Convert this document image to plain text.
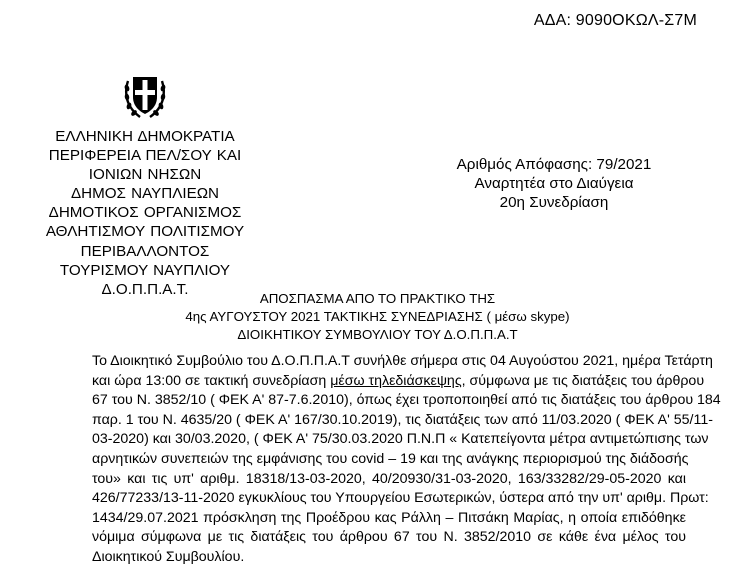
ΑΔΑ: 9090ΟΚΩΛ-Σ7Μ
ΕΛΛΗΝΙΚΗ ΔΗΜΟΚΡΑΤΙΑ
ΠΕΡΙΦΕΡΕΙΑ ΠΕΛ/ΣΟΥ ΚΑΙ
ΙΟΝΙΩΝ ΝΗΣΩΝ
ΔΗΜΟΣ ΝΑΥΠΛΙΕΩΝ
ΔΗΜΟΤΙΚΟΣ ΟΡΓΑΝΙΣΜΟΣ
ΑΘΛΗΤΙΣΜΟΥ ΠΟΛΙΤΙΣΜΟΥ
ΠΕΡΙΒΑΛΛΟΝΤΟΣ
ΤΟΥΡΙΣΜΟΥ ΝΑΥΠΛΙΟΥ
Δ.Ο.Π.Π.Α.Τ.
Αριθμός Απόφασης: 79/2021
Αναρτητέα στο Διαύγεια
20η Συνεδρίαση
ΑΠΟΣΠΑΣΜΑ ΑΠΟ ΤΟ ΠΡΑΚΤΙΚΟ ΤΗΣ
4ης ΑΥΓΟΥΣΤΟΥ 2021 ΤΑΚΤΙΚΗΣ ΣΥΝΕΔΡΙΑΣΗΣ ( μέσω skype)
ΔΙΟΙΚΗΤΙΚΟΥ ΣΥΜΒΟΥΛΙΟΥ ΤΟΥ Δ.Ο.Π.Π.Α.Τ
Το Διοικητικό Συμβούλιο του Δ.Ο.Π.Π.Α.Τ συνήλθε σήμερα στις 04 Αυγούστου 2021, ημέρα Τετάρτη
και ώρα 13:00 σε τακτική συνεδρίαση μέσω τηλεδιάσκεψης, σύμφωνα με τις διατάξεις του άρθρου
67 του Ν. 3852/10 ( ΦΕΚ Α' 87-7.6.2010), όπως έχει τροποποιηθεί από τις διατάξεις του άρθρου 184
παρ. 1 του Ν. 4635/20 ( ΦΕΚ Α' 167/30.10.2019), τις διατάξεις των από 11/03.2020 ( ΦΕΚ Α' 55/11-
03-2020) και 30/03.2020, ( ΦΕΚ Α' 75/30.03.2020 Π.Ν.Π « Κατεπείγοντα μέτρα αντιμετώπισης των
αρνητικών συνεπειών της εμφάνισης του covid – 19 και της ανάγκης περιορισμού της διάδοσής
του» και τις υπ' αριθμ. 18318/13-03-2020, 40/20930/31-03-2020, 163/33282/29-05-2020 και
426/77233/13-11-2020 εγκυκλίους του Υπουργείου Εσωτερικών, ύστερα από την υπ' αριθμ. Πρωτ:
1434/29.07.2021 πρόσκληση της Προέδρου κας Ράλλη – Πιτσάκη Μαρίας, η οποία επιδόθηκε
νόμιμα σύμφωνα με τις διατάξεις του άρθρου 67 του Ν. 3852/2010 σε κάθε ένα μέλος του
Διοικητικού Συμβουλίου.
